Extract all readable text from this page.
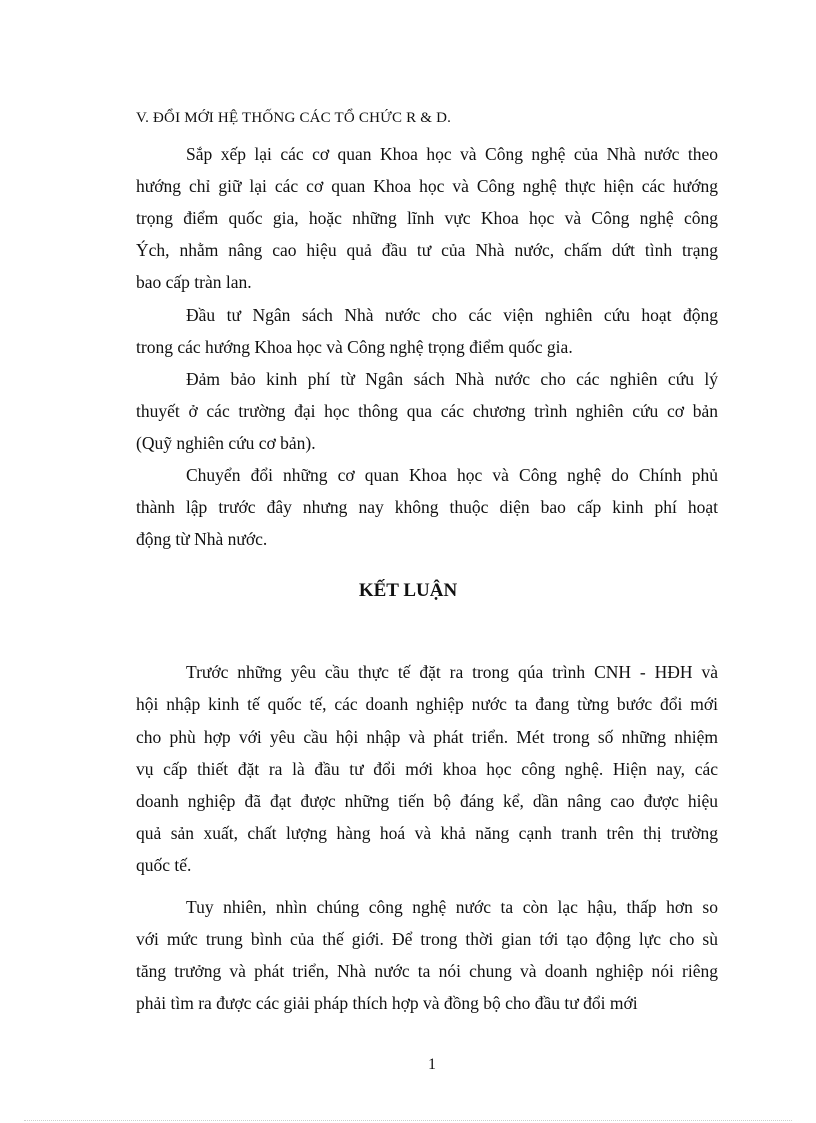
V. ĐỔI MỚI HỆ THỐNG CÁC TỔ CHỨC R & D.
Sắp xếp lại các cơ quan Khoa học và Công nghệ của Nhà nước theo
hướng chỉ giữ lại các cơ quan Khoa học và Công nghệ thực hiện các hướng
trọng điểm quốc gia, hoặc những lĩnh vực Khoa học và Công nghệ công
Ých, nhằm nâng cao hiệu quả đầu tư của Nhà nước, chấm dứt tình trạng
bao cấp tràn lan.
Đầu tư Ngân sách Nhà nước cho các viện nghiên cứu hoạt động
trong các hướng Khoa học và Công nghệ trọng điểm quốc gia.
Đảm bảo kinh phí từ Ngân sách Nhà nước cho các nghiên cứu lý
thuyết ở các trường đại học thông qua các chương trình nghiên cứu cơ bản
(Quỹ nghiên cứu cơ bản).
Chuyển đổi những cơ quan Khoa học và Công nghệ do Chính phủ
thành lập trước đây nhưng nay không thuộc diện bao cấp kinh phí hoạt
động từ Nhà nước.
KẾT LUẬN
Trước những yêu cầu thực tế đặt ra trong qúa trình CNH - HĐH và
hội nhập kinh tế quốc tế, các doanh nghiệp nước ta đang từng bước đổi mới
cho phù hợp với yêu cầu hội nhập và phát triển. Mét trong số những nhiệm
vụ cấp thiết đặt ra là đầu tư đổi mới khoa học công nghệ. Hiện nay, các
doanh nghiệp đã đạt được những tiến bộ đáng kể, dần nâng cao được hiệu
quả sản xuất, chất lượng hàng hoá và khả năng cạnh tranh trên thị trường
quốc tế.
Tuy nhiên, nhìn chúng công nghệ nước ta còn lạc hậu, thấp hơn so
với mức trung bình của thế giới. Để trong thời gian tới tạo động lực cho sù
tăng trưởng và phát triển, Nhà nước ta nói chung và doanh nghiệp nói riêng
phải tìm ra được các giải pháp thích hợp và đồng bộ cho đầu tư đổi mới
1
